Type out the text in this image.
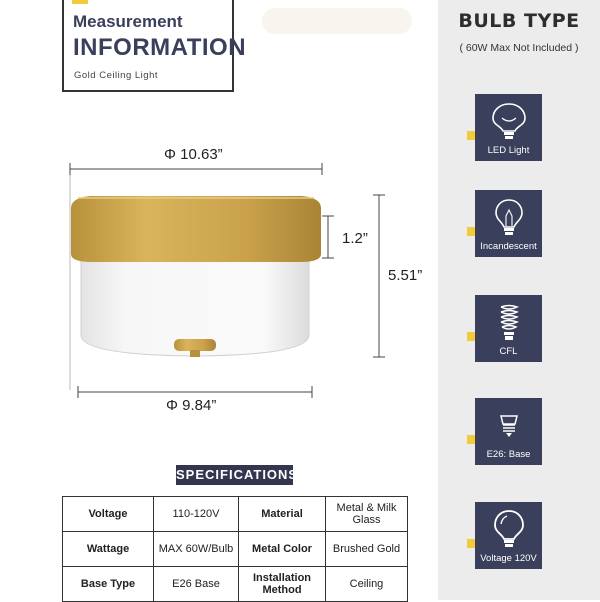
BULB TYPE
( 60W Max Not Included )
LED Light
Incandescent
CFL
E26: Base
Voltage 120V
Measurement
INFORMATION
Gold Ceiling Light
Φ 10.63”
1.2”
5.51”
Φ 9.84”
SPECIFICATIONS
Voltage	110-120V	Material	Metal & Milk Glass
Wattage	MAX 60W/Bulb	Metal Color	Brushed Gold
Base Type	E26 Base	Installation Method	Ceiling
